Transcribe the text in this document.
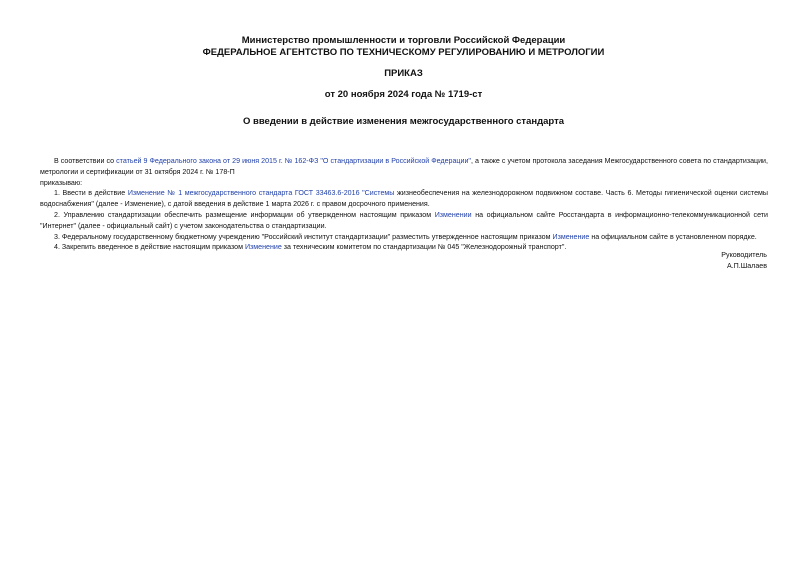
Министерство промышленности и торговли Российской Федерации
ФЕДЕРАЛЬНОЕ АГЕНТСТВО ПО ТЕХНИЧЕСКОМУ РЕГУЛИРОВАНИЮ И МЕТРОЛОГИИ
ПРИКАЗ
от 20 ноября 2024 года № 1719-ст
О введении в действие изменения межгосударственного стандарта

В соответствии со статьей 9 Федерального закона от 29 июня 2015 г. № 162-ФЗ "О стандартизации в Российской Федерации", а также с учетом протокола заседания Межгосударственного совета по стандартизации, метрологии и сертификации от 31 октября 2024 г. № 178-П

приказываю:

1. Ввести в действие Изменение № 1 межгосударственного стандарта ГОСТ 33463.6-2016 "Системы жизнеобеспечения на железнодорожном подвижном составе. Часть 6. Методы гигиенической оценки системы водоснабжения" (далее - Изменение), с датой введения в действие 1 марта 2026 г. с правом досрочного применения.

2. Управлению стандартизации обеспечить размещение информации об утвержденном настоящим приказом Изменении на официальном сайте Росстандарта в информационно-телекоммуникационной сети "Интернет" (далее - официальный сайт) с учетом законодательства о стандартизации.

3. Федеральному государственному бюджетному учреждению "Российский институт стандартизации" разместить утвержденное настоящим приказом Изменение на официальном сайте в установленном порядке.

4. Закрепить введенное в действие настоящим приказом Изменение за техническим комитетом по стандартизации № 045 "Железнодорожный транспорт".

Руководитель
А.П.Шалаев
